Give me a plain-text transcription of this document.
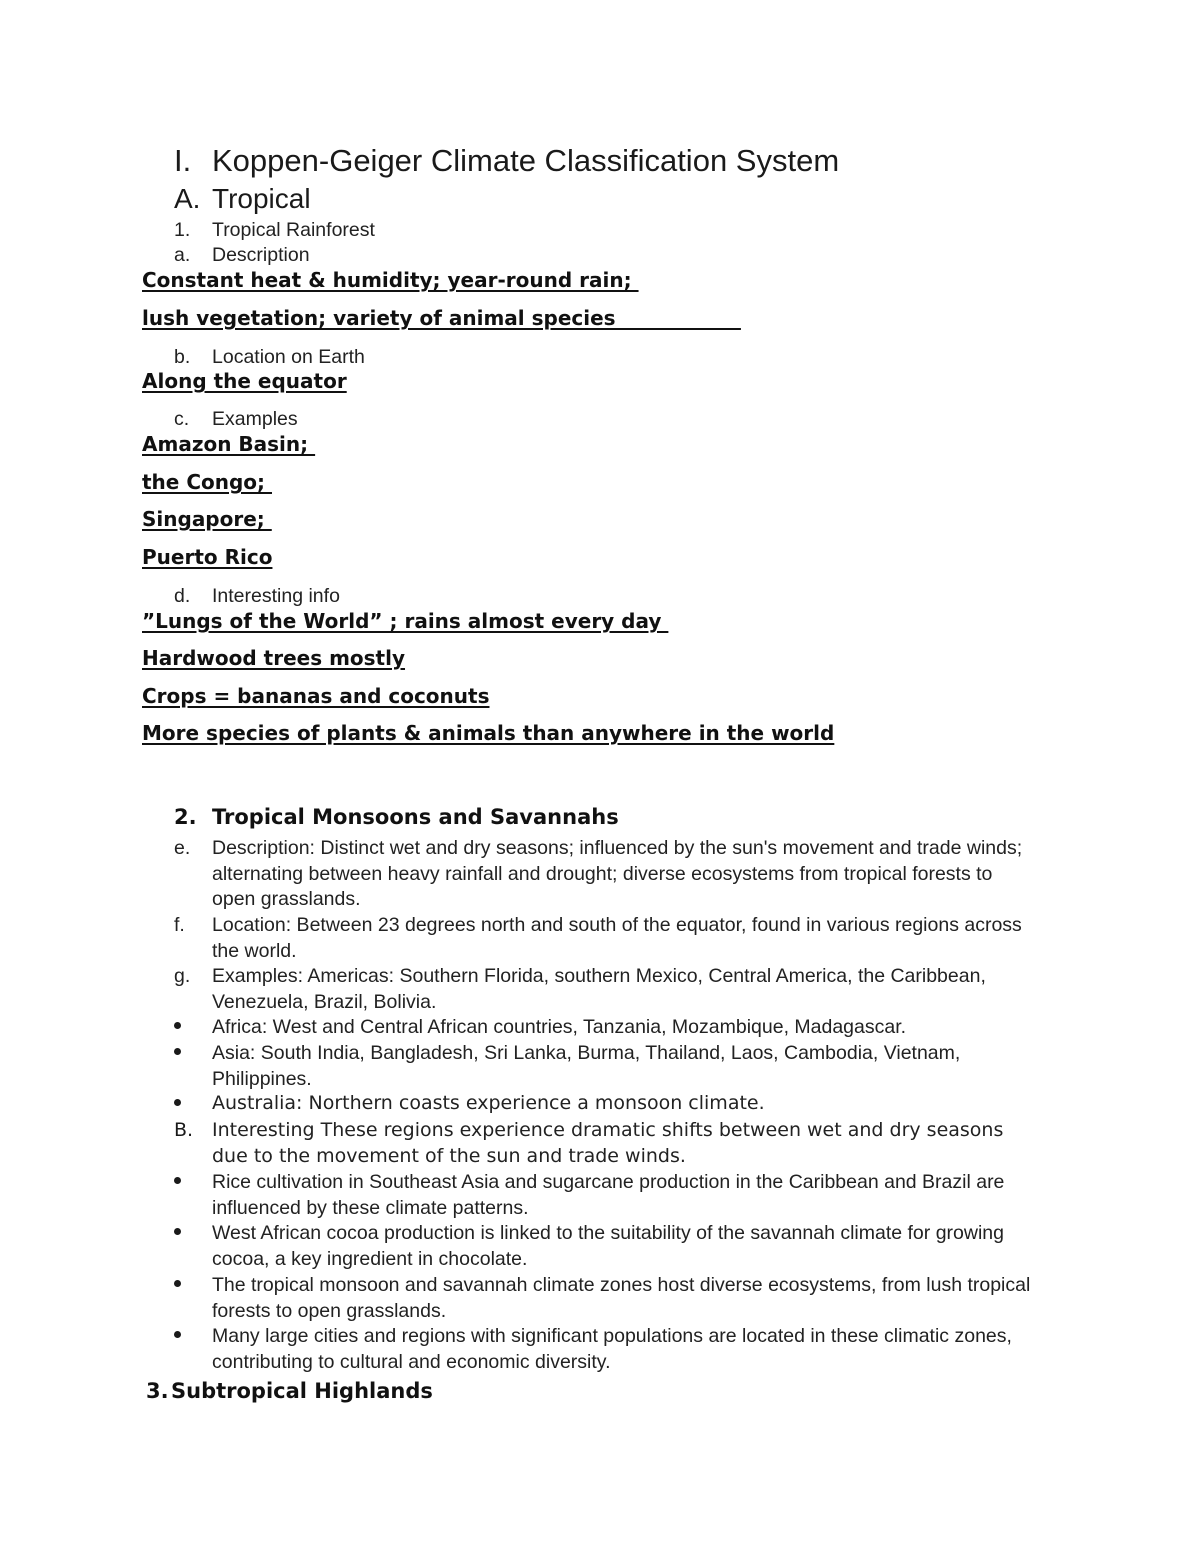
I. Koppen-Geiger Climate Classification System
A. Tropical
1. Tropical Rainforest
a. Description
Constant heat & humidity; year-round rain;
lush vegetation; variety of animal species
b. Location on Earth
Along the equator
c. Examples
Amazon Basin;
the Congo;
Singapore;
Puerto Rico
d. Interesting info
”Lungs of the World” ; rains almost every day
Hardwood trees mostly
Crops = bananas and coconuts
More species of plants & animals than anywhere in the world
2. Tropical Monsoons and Savannahs
e. Description: Distinct wet and dry seasons; influenced by the sun's movement and trade winds; alternating between heavy rainfall and drought; diverse ecosystems from tropical forests to open grasslands.
f. Location: Between 23 degrees north and south of the equator, found in various regions across the world.
g. Examples: Americas: Southern Florida, southern Mexico, Central America, the Caribbean, Venezuela, Brazil, Bolivia.
Africa: West and Central African countries, Tanzania, Mozambique, Madagascar.
Asia: South India, Bangladesh, Sri Lanka, Burma, Thailand, Laos, Cambodia, Vietnam, Philippines.
Australia: Northern coasts experience a monsoon climate.
B. Interesting These regions experience dramatic shifts between wet and dry seasons due to the movement of the sun and trade winds.
Rice cultivation in Southeast Asia and sugarcane production in the Caribbean and Brazil are influenced by these climate patterns.
West African cocoa production is linked to the suitability of the savannah climate for growing cocoa, a key ingredient in chocolate.
The tropical monsoon and savannah climate zones host diverse ecosystems, from lush tropical forests to open grasslands.
Many large cities and regions with significant populations are located in these climatic zones, contributing to cultural and economic diversity.
3. Subtropical Highlands
